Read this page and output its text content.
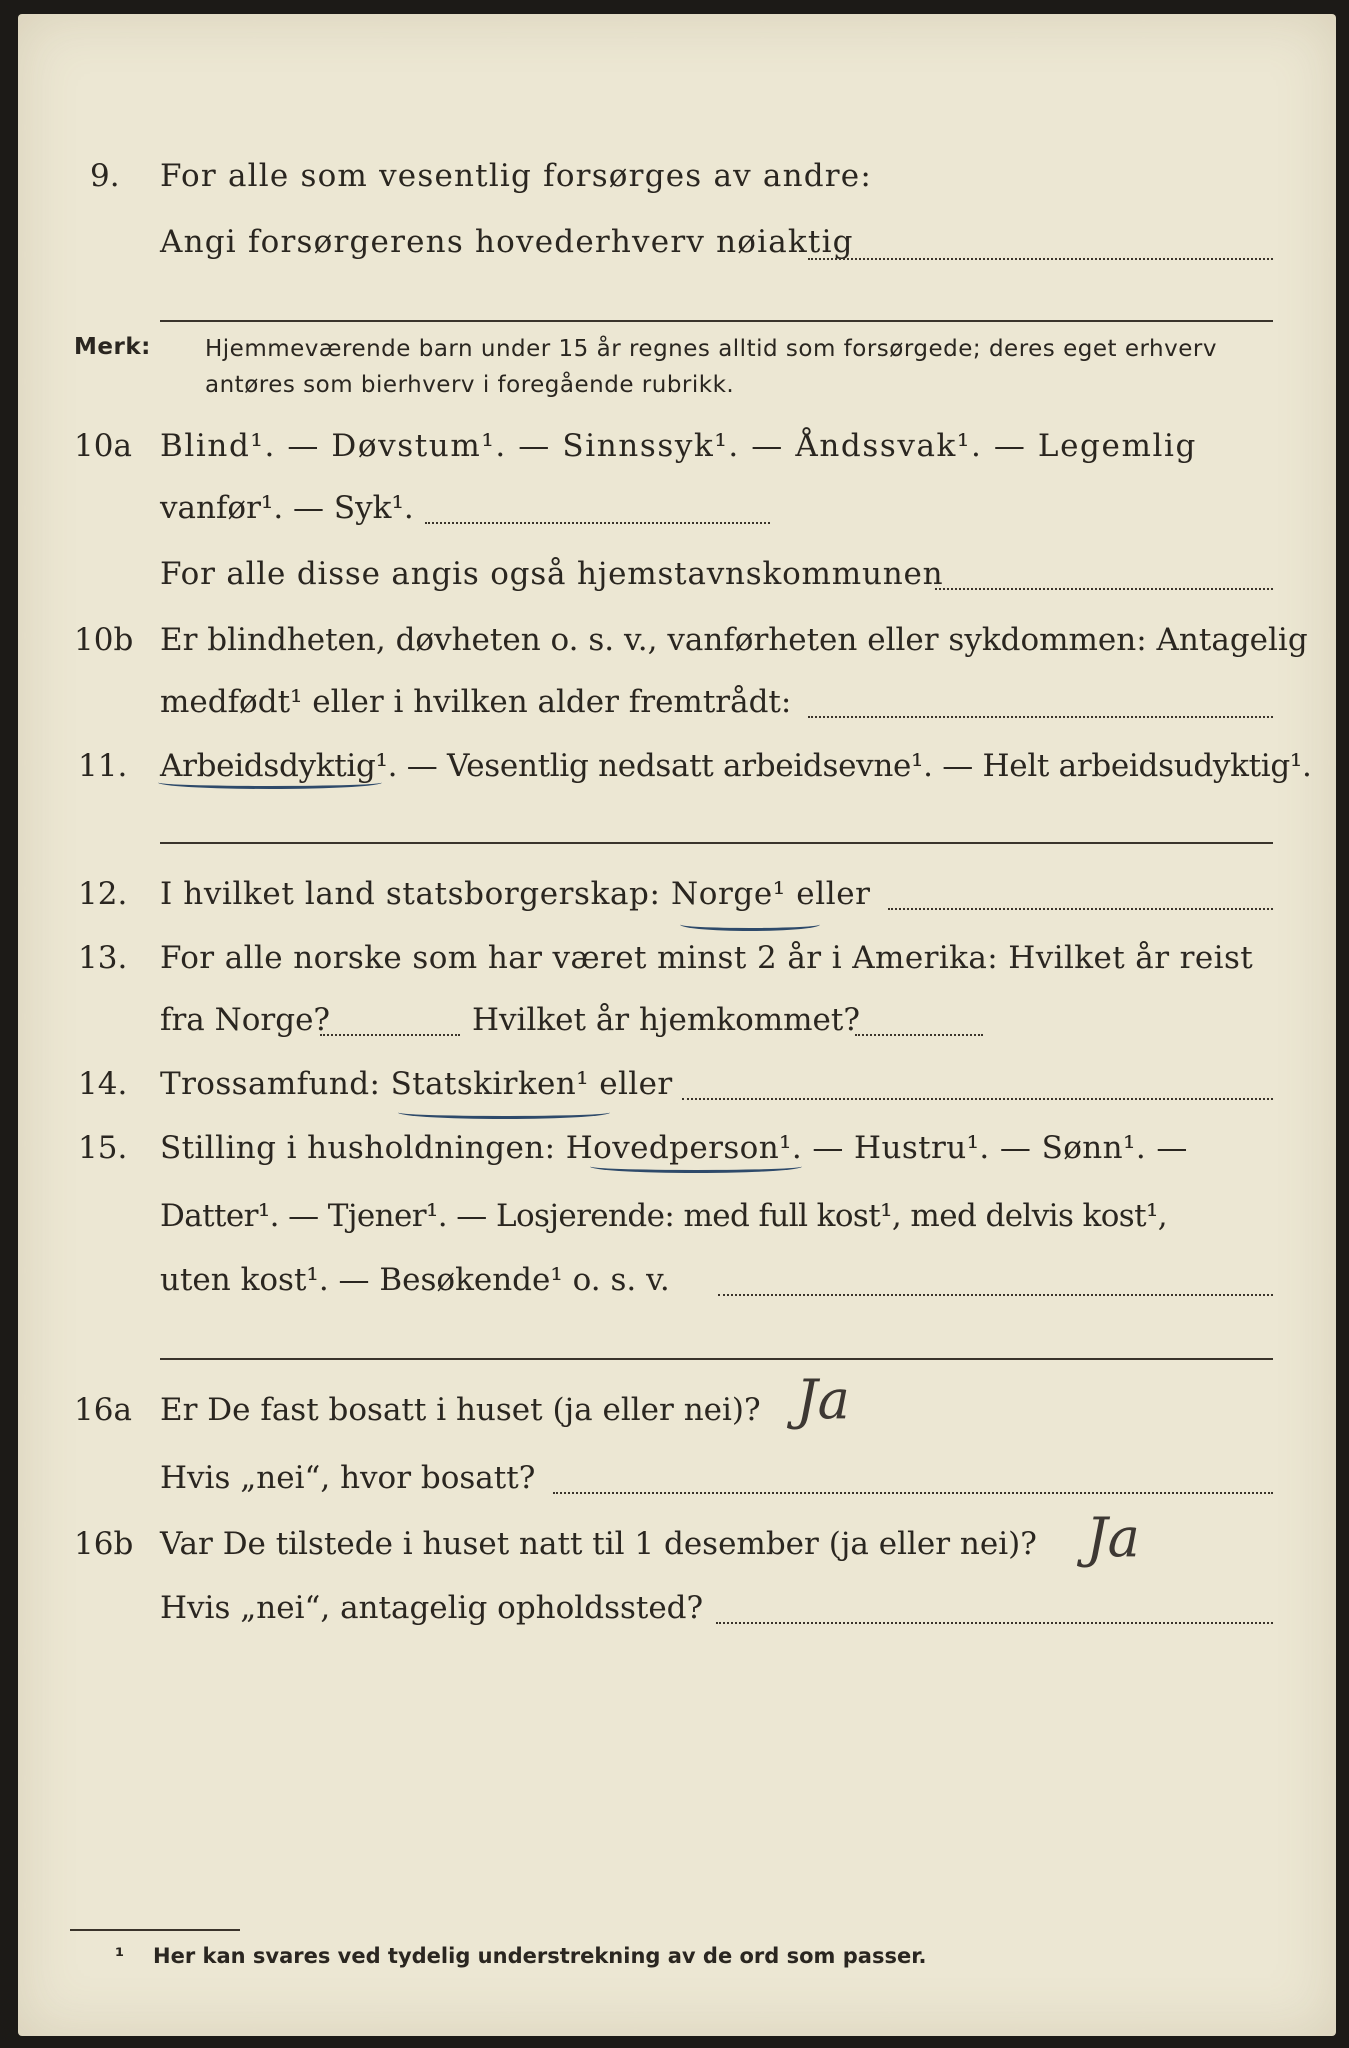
9. For alle som vesentlig forsørges av andre:
Angi forsørgerens hovederhverv nøiaktig
Merk: Hjemmeværende barn under 15 år regnes alltid som forsørgede; deres eget erhverv
antøres som bierhverv i foregående rubrikk.
10a Blind¹. — Døvstum¹. — Sinnssyk¹. — Åndssvak¹. — Legemlig
vanfør¹. — Syk¹.
For alle disse angis også hjemstavnskommunen
10b Er blindheten, døvheten o. s. v., vanførheten eller sykdommen: Antagelig
medfødt¹ eller i hvilken alder fremtrådt:
11. Arbeidsdyktig¹. — Vesentlig nedsatt arbeidsevne¹. — Helt arbeidsudyktig¹.
12. I hvilket land statsborgerskap: Norge¹ eller
13. For alle norske som har været minst 2 år i Amerika: Hvilket år reist
fra Norge?	Hvilket år hjemkommet?
14. Trossamfund: Statskirken¹ eller
15. Stilling i husholdningen: Hovedperson¹. — Hustru¹. — Sønn¹. —
Datter¹. — Tjener¹. — Losjerende: med full kost¹, med delvis kost¹,
uten kost¹. — Besøkende¹ o. s. v.
16a Er De fast bosatt i huset (ja eller nei)? Ja
Hvis „nei“, hvor bosatt?
16b Var De tilstede i huset natt til 1 desember (ja eller nei)? Ja
Hvis „nei“, antagelig opholdssted?
¹ Her kan svares ved tydelig understrekning av de ord som passer.
